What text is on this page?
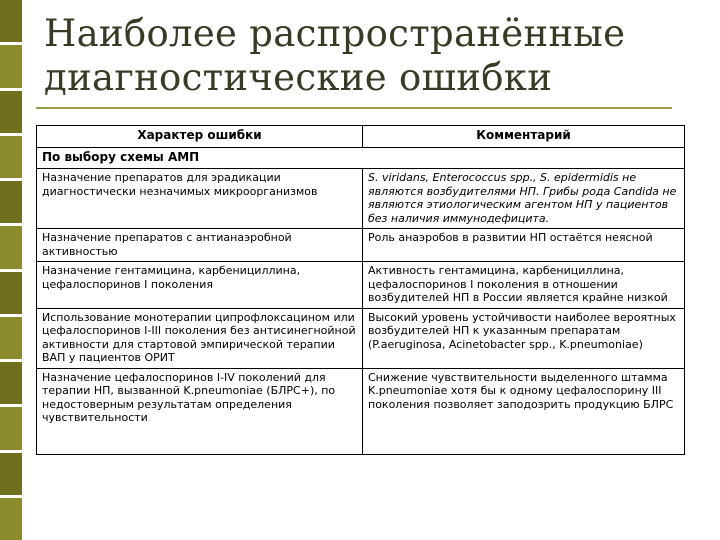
Наиболее распространённые диагностические ошибки
Характер ошибки	Комментарий
По выбору схемы АМП	
Назначение препаратов для эрадикации диагностически незначимых микроорганизмов	S. viridans, Enterococcus spp., S. epidermidis не являются возбудителями НП. Грибы рода Candida не являются этиологическим агентом НП у пациентов без наличия иммунодефицита.
Назначение препаратов с антианаэробной активностью	Роль анаэробов в развитии НП остаётся неясной
Назначение гентамицина, карбенициллина, цефалоспоринов I поколения	Активность гентамицина, карбенициллина, цефалоспоринов I поколения в отношении возбудителей НП в России является крайне низкой
Использование монотерапии ципрофлоксацином или цефалоспоринов I-III поколения без антисинегнойной активности для стартовой эмпирической терапии ВАП у пациентов ОРИТ	Высокий уровень устойчивости наиболее вероятных возбудителей НП к указанным препаратам (P.aeruginosa, Acinetobacter spp., K.pneumoniae)
Назначение цефалоспоринов I-IV поколений для терапии НП, вызванной K.pneumoniae (БЛРС+), по недостоверным результатам определения чувствительности	Снижение чувствительности выделенного штамма K.pneumoniae хотя бы к одному цефалоспорину III поколения позволяет заподозрить продукцию БЛРС
